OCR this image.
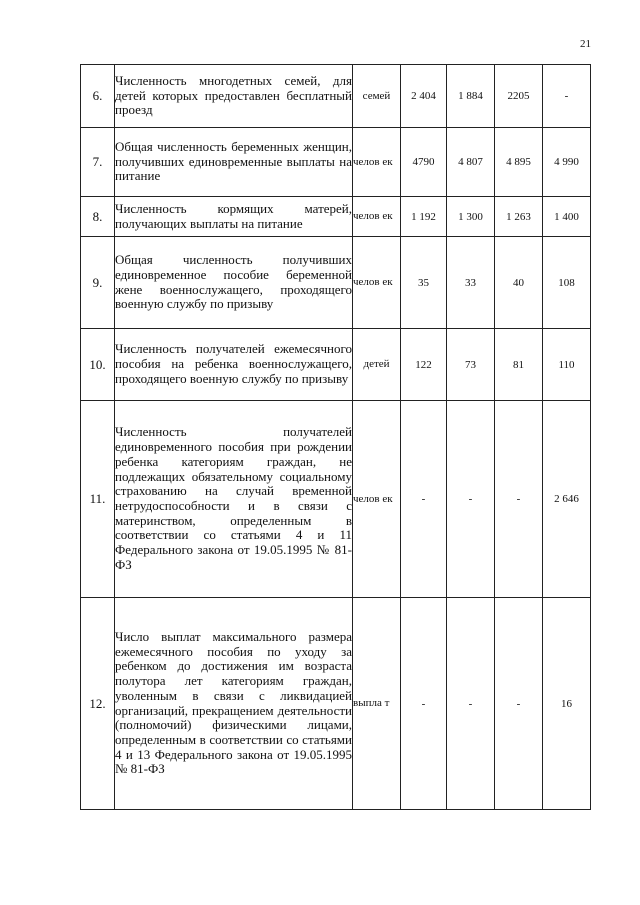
21
6.	Численность многодетных семей, для детей которых предоставлен бесплатный проезд	семей	2 404	1 884	2205	-
7.	Общая численность беременных женщин, получивших единовременные выплаты на питание	челов ек	4790	4 807	4 895	4 990
8.	Численность кормящих матерей, получающих выплаты на питание	челов ек	1 192	1 300	1 263	1 400
9.	Общая численность получивших единовременное пособие беременной жене военнослужащего, проходящего военную службу по призыву	челов ек	35	33	40	108
10.	Численность получателей ежемесячного пособия на ребенка военнослужащего, проходящего военную службу по призыву	детей	122	73	81	110
11.	Численность получателей единовременного пособия при рождении ребенка категориям граждан, не подлежащих обязательному социальному страхованию на случай временной нетрудоспособности и в связи с материнством, определенным в соответствии со статьями 4 и 11 Федерального закона от 19.05.1995 № 81-ФЗ	челов ек	-	-	-	2 646
12.	Число выплат максимального размера ежемесячного пособия по уходу за ребенком до достижения им возраста полутора лет категориям граждан, уволенным в связи с ликвидацией организаций, прекращением деятельности (полномочий) физическими лицами, определенным в соответствии со статьями 4 и 13 Федерального закона от 19.05.1995 № 81-ФЗ	выпла т	-	-	-	16
